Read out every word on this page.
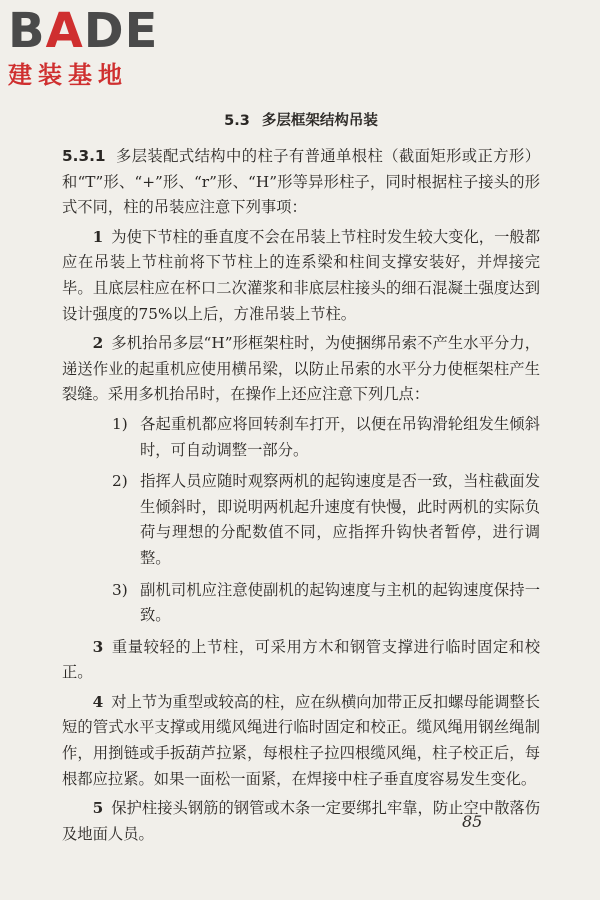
BADE
建装基地
5.3 多层框架结构吊装

5.3.1 多层装配式结构中的柱子有普通单根柱（截面矩形或正方形）和“T”形、“+”形、“r”形、“H”形等异形柱子，同时根据柱子接头的形式不同，柱的吊装应注意下列事项：

1 为使下节柱的垂直度不会在吊装上节柱时发生较大变化，一般都应在吊装上节柱前将下节柱上的连系梁和柱间支撑安装好，并焊接完毕。且底层柱应在杯口二次灌浆和非底层柱接头的细石混凝土强度达到设计强度的75%以上后，方准吊装上节柱。

2 多机抬吊多层“H”形框架柱时，为使捆绑吊索不产生水平分力，递送作业的起重机应使用横吊梁，以防止吊索的水平分力使框架柱产生裂缝。采用多机抬吊时，在操作上还应注意下列几点：

1) 各起重机都应将回转刹车打开，以便在吊钩滑轮组发生倾斜时，可自动调整一部分。

2) 指挥人员应随时观察两机的起钩速度是否一致，当柱截面发生倾斜时，即说明两机起升速度有快慢，此时两机的实际负荷与理想的分配数值不同，应指挥升钩快者暂停，进行调整。

3) 副机司机应注意使副机的起钩速度与主机的起钩速度保持一致。

3 重量较轻的上节柱，可采用方木和钢管支撑进行临时固定和校正。

4 对上节为重型或较高的柱，应在纵横向加带正反扣螺母能调整长短的管式水平支撑或用缆风绳进行临时固定和校正。缆风绳用钢丝绳制作，用捯链或手扳葫芦拉紧，每根柱子拉四根缆风绳，柱子校正后，每根都应拉紧。如果一面松一面紧，在焊接中柱子垂直度容易发生变化。

5 保护柱接头钢筋的钢管或木条一定要绑扎牢靠，防止空中散落伤及地面人员。

85
